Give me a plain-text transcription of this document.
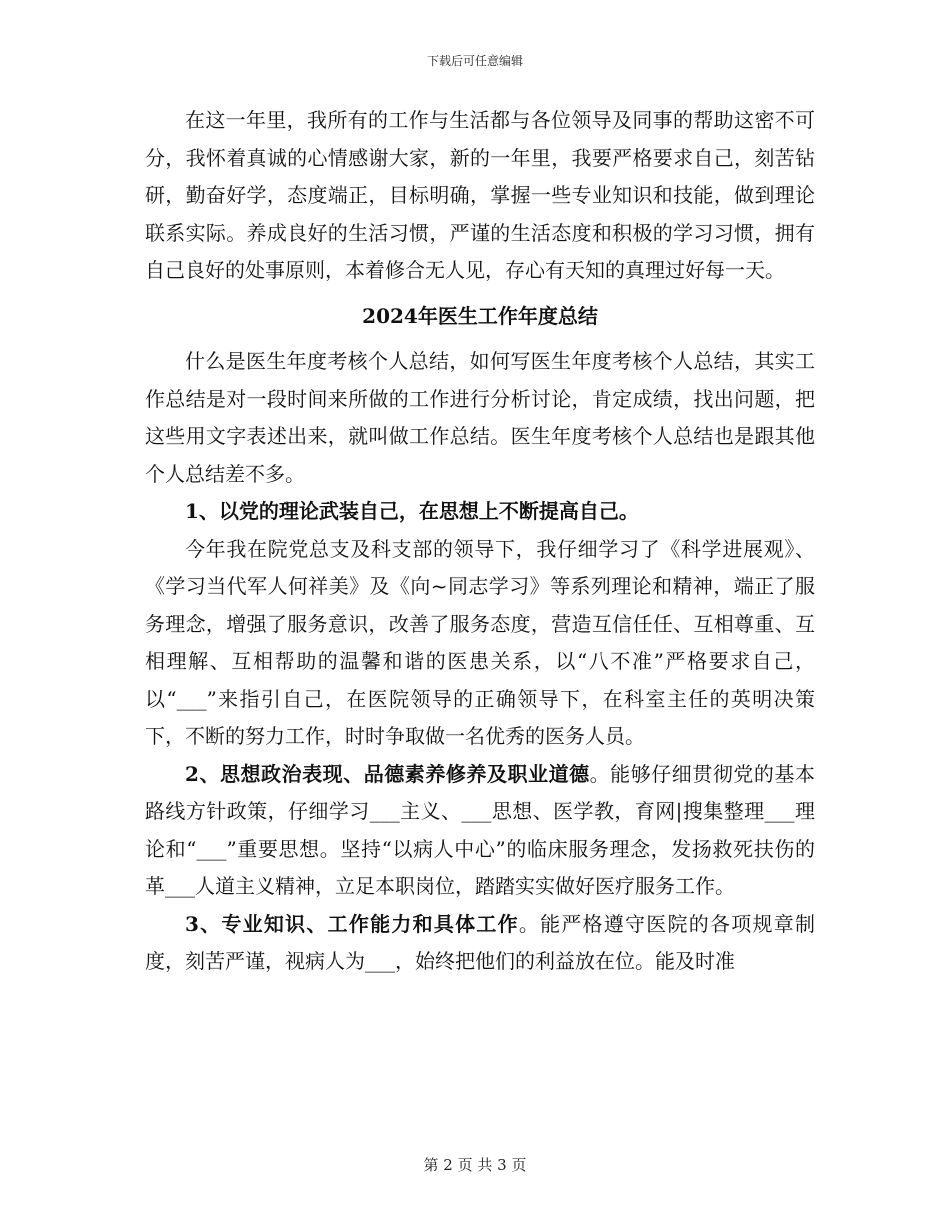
下载后可任意编辑

在这一年里，我所有的工作与生活都与各位领导及同事的帮助这密不可分，我怀着真诚的心情感谢大家，新的一年里，我要严格要求自己，刻苦钻研，勤奋好学，态度端正，目标明确，掌握一些专业知识和技能，做到理论联系实际。养成良好的生活习惯，严谨的生活态度和积极的学习习惯，拥有自己良好的处事原则，本着修合无人见，存心有天知的真理过好每一天。

2024年医生工作年度总结

什么是医生年度考核个人总结，如何写医生年度考核个人总结，其实工作总结是对一段时间来所做的工作进行分析讨论，肯定成绩，找出问题，把这些用文字表述出来，就叫做工作总结。医生年度考核个人总结也是跟其他个人总结差不多。

1、以党的理论武装自己，在思想上不断提高自己。

今年我在院党总支及科支部的领导下，我仔细学习了《科学进展观》、《学习当代军人何祥美》及《向~同志学习》等系列理论和精神，端正了服务理念，增强了服务意识，改善了服务态度，营造互信任任、互相尊重、互相理解、互相帮助的温馨和谐的医患关系，以“八不准”严格要求自己，以“___”来指引自己，在医院领导的正确领导下，在科室主任的英明决策下，不断的努力工作，时时争取做一名优秀的医务人员。

2、思想政治表现、品德素养修养及职业道德。能够仔细贯彻党的基本路线方针政策，仔细学习___主义、___思想、医学教，育网|搜集整理___理论和“___”重要思想。坚持“以病人中心”的临床服务理念，发扬救死扶伤的革___人道主义精神，立足本职岗位，踏踏实实做好医疗服务工作。

3、专业知识、工作能力和具体工作。能严格遵守医院的各项规章制度，刻苦严谨，视病人为___，始终把他们的利益放在位。能及时准

第 2 页 共 3 页
